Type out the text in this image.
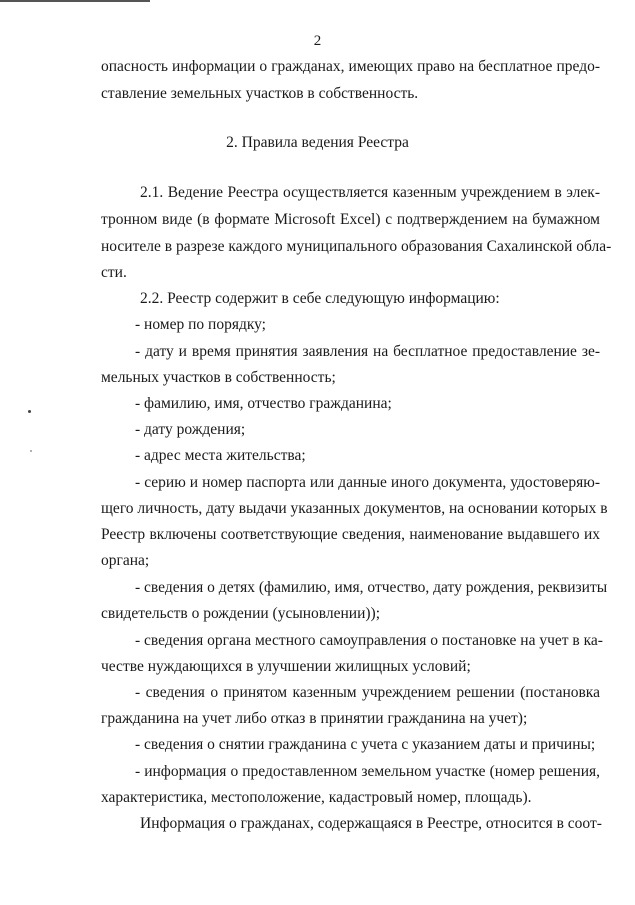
2
опасность информации о гражданах, имеющих право на бесплатное предо-
ставление земельных участков в собственность.
2. Правила ведения Реестра
2.1. Ведение Реестра осуществляется казенным учреждением в элек-
тронном виде (в формате Microsoft Excel) с подтверждением на бумажном
носителе в разрезе каждого муниципального образования Сахалинской обла-
сти.
2.2. Реестр содержит в себе следующую информацию:
- номер по порядку;
- дату и время принятия заявления на бесплатное предоставление зе-
мельных участков в собственность;
- фамилию, имя, отчество гражданина;
- дату рождения;
- адрес места жительства;
- серию и номер паспорта или данные иного документа, удостоверяю-
щего личность, дату выдачи указанных документов, на основании которых в
Реестр включены соответствующие сведения, наименование выдавшего их
органа;
- сведения о детях (фамилию, имя, отчество, дату рождения, реквизиты
свидетельств о рождении (усыновлении));
- сведения органа местного самоуправления о постановке на учет в ка-
честве нуждающихся в улучшении жилищных условий;
- сведения о принятом казенным учреждением решении (постановка
гражданина на учет либо отказ в принятии гражданина на учет);
- сведения о снятии гражданина с учета с указанием даты и причины;
- информация о предоставленном земельном участке (номер решения,
характеристика, местоположение, кадастровый номер, площадь).
Информация о гражданах, содержащаяся в Реестре, относится в соот-
